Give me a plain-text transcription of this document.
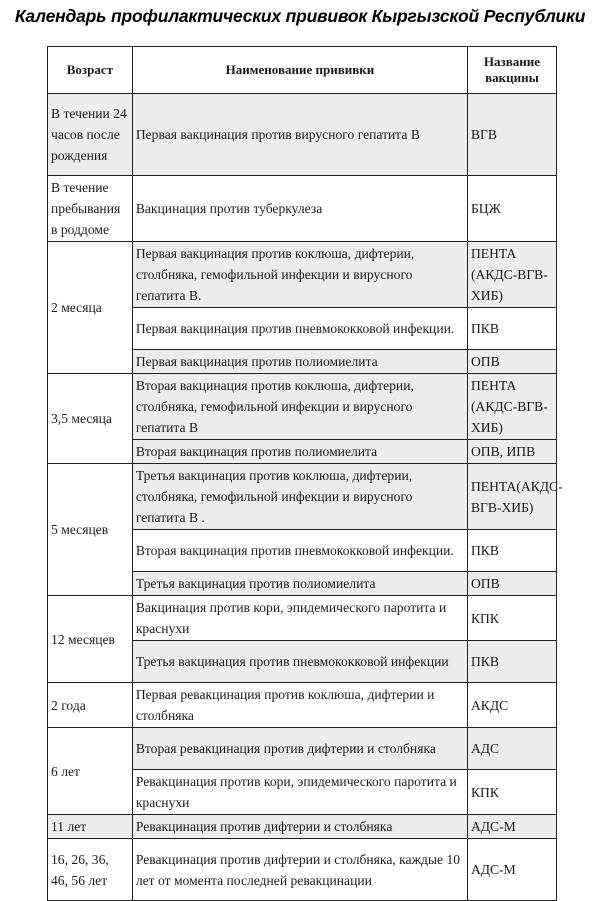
Календарь профилактических прививок Кыргызской Республики
Возраст	Наименование прививки	Название вакцины
В течении 24 часов после рождения	Первая вакцинация против вирусного гепатита В	ВГВ
В течение пребывания в роддоме	Вакцинация против туберкулеза	БЦЖ
2 месяца	Первая вакцинация против коклюша, дифтерии, столбняка, гемофильной инфекции и вирусного гепатита В.	ПЕНТА (АКДС-ВГВ-ХИБ)
	Первая вакцинация против пневмококковой инфекции.	ПКВ
	Первая вакцинация против полиомиелита	ОПВ
3,5 месяца	Вторая вакцинация против коклюша, дифтерии, столбняка, гемофильной инфекции и вирусного гепатита В	ПЕНТА (АКДС-ВГВ-ХИБ)
	Вторая вакцинация против полиомиелита	ОПВ, ИПВ
5 месяцев	Третья вакцинация против коклюша, дифтерии, столбняка, гемофильной инфекции и вирусного гепатита В .	ПЕНТА(АКДС-ВГВ-ХИБ)
	Вторая вакцинация против пневмококковой инфекции.	ПКВ
	Третья вакцинация против полиомиелита	ОПВ
12 месяцев	Вакцинация против кори, эпидемического паротита и краснухи	КПК
	Третья вакцинация против пневмококковой инфекции	ПКВ
2 года	Первая ревакцинация против коклюша, дифтерии и столбняка	АКДС
6 лет	Вторая ревакцинация против дифтерии и столбняка	АДС
	Ревакцинация против кори, эпидемического паротита и краснухи	КПК
11 лет	Ревакцинация против дифтерии и столбняка	АДС-М
16, 26, 36, 46, 56 лет	Ревакцинация против дифтерии и столбняка, каждые 10 лет от момента последней ревакцинации	АДС-М
